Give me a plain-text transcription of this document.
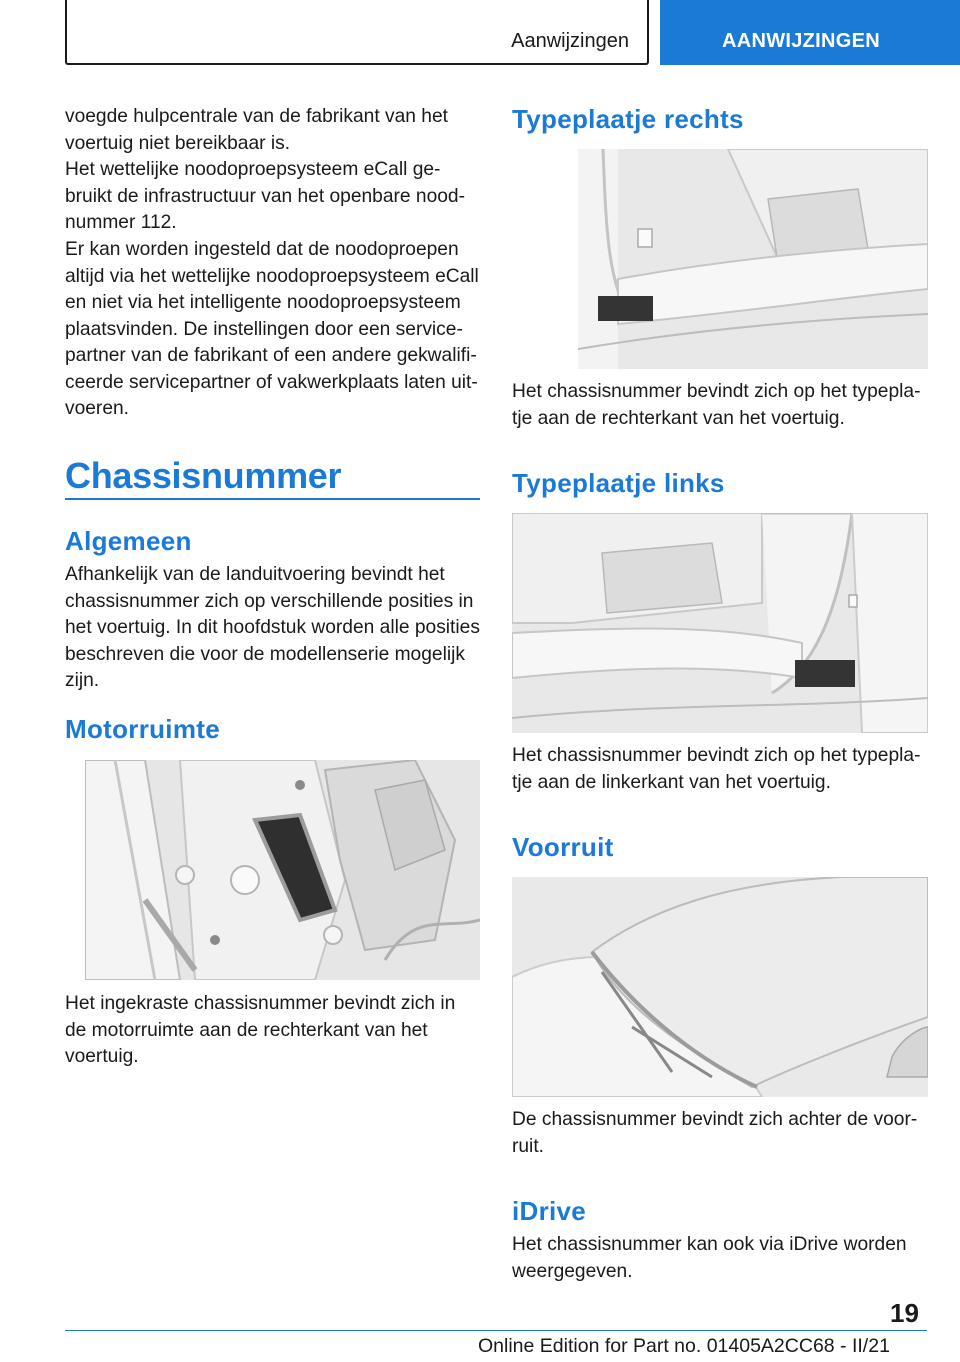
Aanwijzingen	AANWIJZINGEN

voegde hulpcentrale van de fabrikant van het voertuig niet bereikbaar is.

Het wettelijke noodoproepsysteem eCall ge-bruikt de infrastructuur van het openbare nood-nummer 112.

Er kan worden ingesteld dat de noodoproepen altijd via het wettelijke noodoproepsysteem eCall en niet via het intelligente noodoproepsysteem plaatsvinden. De instellingen door een service-partner van de fabrikant of een andere gekwalifi-ceerde servicepartner of vakwerkplaats laten uit-voeren.

Chassisnummer
Algemeen

Afhankelijk van de landuitvoering bevindt het chassisnummer zich op verschillende posities in het voertuig. In dit hoofdstuk worden alle posities beschreven die voor de modellenserie mogelijk zijn.

Motorruimte

Het ingekraste chassisnummer bevindt zich in de motorruimte aan de rechterkant van het voertuig.

Typeplaatje rechts

Het chassisnummer bevindt zich op het typepla-tje aan de rechterkant van het voertuig.

Typeplaatje links

Het chassisnummer bevindt zich op het typepla-tje aan de linkerkant van het voertuig.

Voorruit

De chassisnummer bevindt zich achter de voor-ruit.

iDrive

Het chassisnummer kan ook via iDrive worden weergegeven.

19
Online Edition for Part no. 01405A2CC68 - II/21
